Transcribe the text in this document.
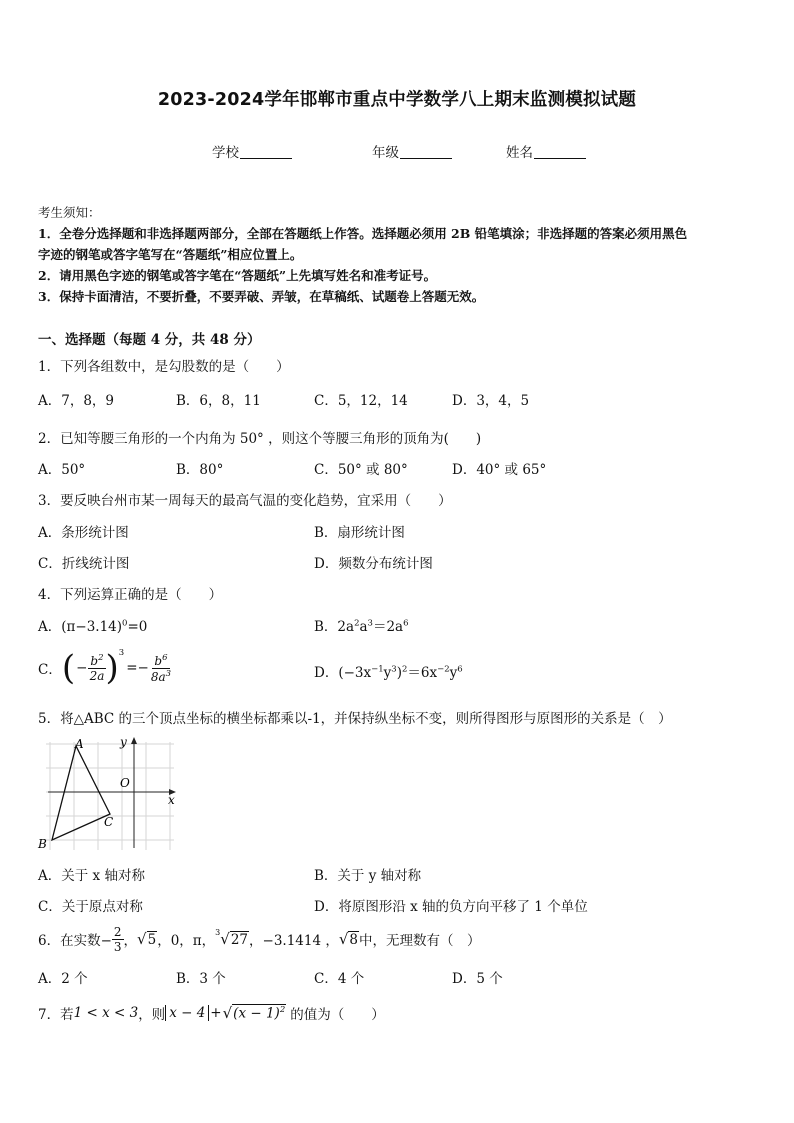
2023-2024学年邯郸市重点中学数学八上期末监测模拟试题
学校	年级	姓名
考生须知：
1．全卷分选择题和非选择题两部分，全部在答题纸上作答。选择题必须用 2B 铅笔填涂；非选择题的答案必须用黑色
字迹的钢笔或答字笔写在“答题纸”相应位置上。
2．请用黑色字迹的钢笔或答字笔在“答题纸”上先填写姓名和准考证号。
3．保持卡面清洁，不要折叠，不要弄破、弄皱，在草稿纸、试题卷上答题无效。
一、选择题（每题 4 分，共 48 分）
1．下列各组数中，是勾股数的是（　　）
A．7，8，9	B．6，8，11	C．5，12，14	D．3，4，5
2．已知等腰三角形的一个内角为 50° ，则这个等腰三角形的顶角为(　　)
A．50°	B．80°	C．50° 或 80°	D．40° 或 65°
3．要反映台州市某一周每天的最高气温的变化趋势，宜采用（　　）
A．条形统计图	B．扇形统计图
C．折线统计图	D．频数分布统计图
4．下列运算正确的是（　　）
A．$(\pi-3.14)^0=0$	B．$2a^2a^3=2a^6$
C． ( − $\frac{b^2}{2a} )^3$
=− $\frac{b^6}{8a^3}$	D．$(-3x^{-1}y^3)^2=6x^{-2}y^6$
5．将△ABC 的三个顶点坐标的横坐标都乘以-1，并保持纵坐标不变，则所得图形与原图形的关系是（　）
A
B
C
O
x
y
A．关于 x 轴对称	B．关于 y 轴对称
C．关于原点对称	D．将原图形沿 x 轴的负方向平移了 1 个单位
6．在实数− $\frac{2}{3}$ ， √ 5 ，0，π，
$^3$ √ 27 ，−3.1414 ， √ 8 中，无理数有（　）
A．2 个	B．3 个	C．4 个	D．5 个
7．若 1 < x < 3 ，则 x − 4 + √ $(x - 1)^2$ 的值为（　　）
